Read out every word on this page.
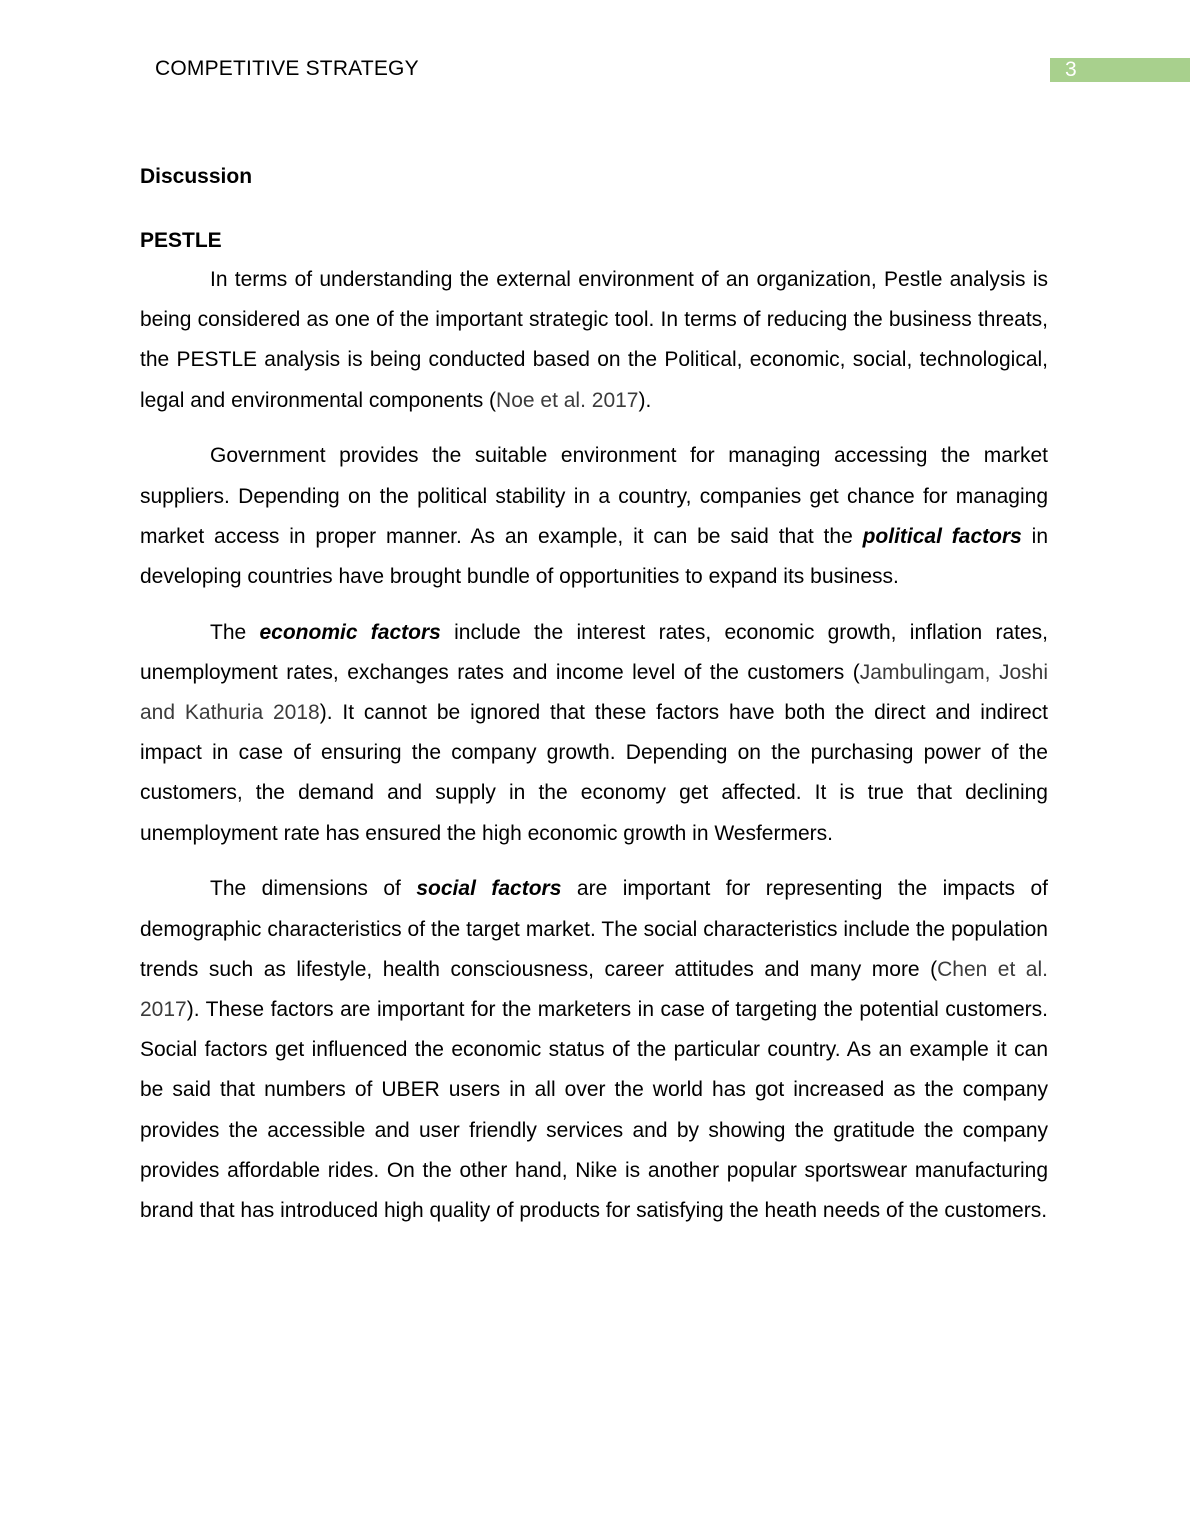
COMPETITIVE STRATEGY	3

Discussion

PESTLE

In terms of understanding the external environment of an organization, Pestle analysis is being considered as one of the important strategic tool. In terms of reducing the business threats, the PESTLE analysis is being conducted based on the Political, economic, social, technological, legal and environmental components (Noe et al. 2017).

Government provides the suitable environment for managing accessing the market suppliers. Depending on the political stability in a country, companies get chance for managing market access in proper manner. As an example, it can be said that the political factors in developing countries have brought bundle of opportunities to expand its business.

The economic factors include the interest rates, economic growth, inflation rates, unemployment rates, exchanges rates and income level of the customers (Jambulingam, Joshi and Kathuria 2018). It cannot be ignored that these factors have both the direct and indirect impact in case of ensuring the company growth. Depending on the purchasing power of the customers, the demand and supply in the economy get affected. It is true that declining unemployment rate has ensured the high economic growth in Wesfermers.

The dimensions of social factors are important for representing the impacts of demographic characteristics of the target market. The social characteristics include the population trends such as lifestyle, health consciousness, career attitudes and many more (Chen et al. 2017). These factors are important for the marketers in case of targeting the potential customers. Social factors get influenced the economic status of the particular country. As an example it can be said that numbers of UBER users in all over the world has got increased as the company provides the accessible and user friendly services and by showing the gratitude the company provides affordable rides. On the other hand, Nike is another popular sportswear manufacturing brand that has introduced high quality of products for satisfying the heath needs of the customers.
